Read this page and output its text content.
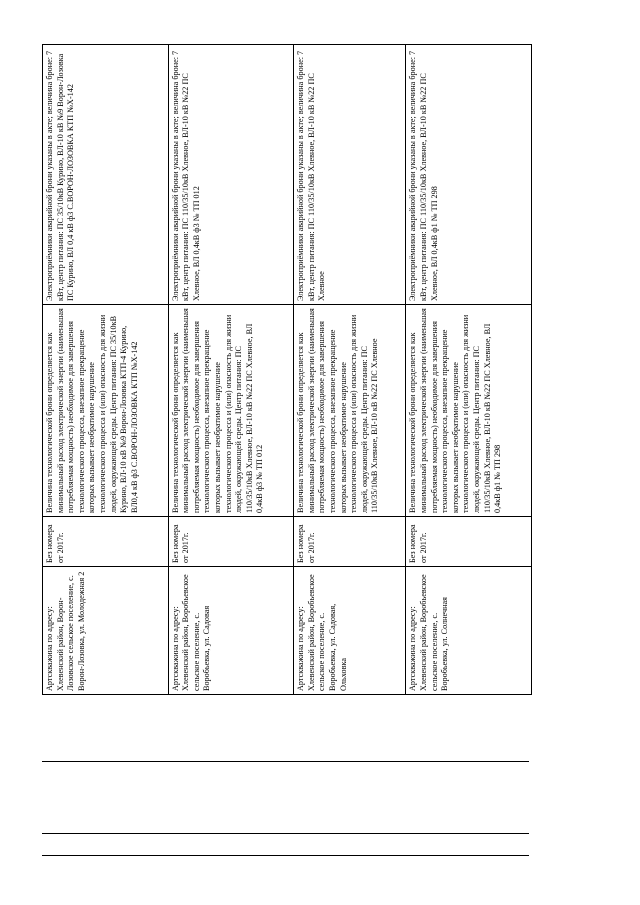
Артскважина по адресу: Хлевенский район, Ворон-Лозовское сельское поселение, с. Ворон-Лозовка, ул. Молодежная 2	Без номера от 2017г.	Величина технологической брони определяется как минимальный расход электрической энергии (наименьшая потребляемая мощность) необходимое для завершения технологического процесса, внезапное прекращение которых вызывает необратимое нарушение технологического процесса и (или) опасность для жизни людей, окружающей среды. Центр питания: ПС 35/10кВ Курино, ВЛ-10 кВ №9 Ворон-Лозовка КТП-4 Курино, ВЛ0,4 кВ ф3 С.ВОРОН-ЛОЗОВКА КТП №Х-142	Электроприёмники аварийной брони указаны в акте; величина броне: 7 кВт, центр питания: ПС 35/10кВ Курино, ВЛ-10 кВ №9 Ворон-Лозовка ПС Курино, ВЛ 0,4 кВ ф3 С.ВОРОН-ЛОЗОВКА КТП №Х-142
Артскважина по адресу: Хлевенский район, Воробьевское сельское поселение, с. Воробьевка, ул. Садовая	Без номера от 2017г.	Величина технологической брони определяется как минимальный расход электрической энергии (наименьшая потребляемая мощность) необходимое для завершения технологического процесса, внезапное прекращение которых вызывает необратимое нарушение технологического процесса и (или) опасность для жизни людей, окружающей среды. Центр питания: ПС 110/35/10кВ Хлевное, ВЛ-10 кВ №22 ПС Хлевное, ВЛ 0,4кВ ф3 № ТП 012	Электроприёмники аварийной брони указаны в акте; величина броне: 7 кВт, центр питания: ПС 110/35/10кВ Хлевное, ВЛ-10 кВ №22 ПС Хлевное, ВЛ 0,4кВ ф3 № ТП 012
Артскважина по адресу: Хлевенский район, Воробьевское сельское поселение, с. Воробьевка, ул. Садовая, Ольховка	Без номера от 2017г.	Величина технологической брони определяется как минимальный расход электрической энергии (наименьшая потребляемая мощность) необходимое для завершения технологического процесса, внезапное прекращение которых вызывает необратимое нарушение технологического процесса и (или) опасность для жизни людей, окружающей среды. Центр питания: ПС 110/35/10кВ Хлевное, ВЛ-10 кВ №22 ПС Хлевное	Электроприёмники аварийной брони указаны в акте; величина броне: 7 кВт, центр питания: ПС 110/35/10кВ Хлевное, ВЛ-10 кВ №22 ПС Хлевное
Артскважина по адресу: Хлевенский район, Воробьевское сельское поселение, с. Воробьевка, ул. Солнечная	Без номера от 2017г.	Величина технологической брони определяется как минимальный расход электрической энергии (наименьшая потребляемая мощность) необходимое для завершения технологического процесса, внезапное прекращение которых вызывает необратимое нарушение технологического процесса и (или) опасность для жизни людей, окружающей среды. Центр питания: ПС 110/35/10кВ Хлевное, ВЛ-10 кВ №22 ПС Хлевное, ВЛ 0,4кВ ф1 № ТП 298	Электроприёмники аварийной брони указаны в акте; величина броне: 7 кВт, центр питания: ПС 110/35/10кВ Хлевное, ВЛ-10 кВ №22 ПС Хлевное, ВЛ 0,4кВ ф1 № ТП 298
